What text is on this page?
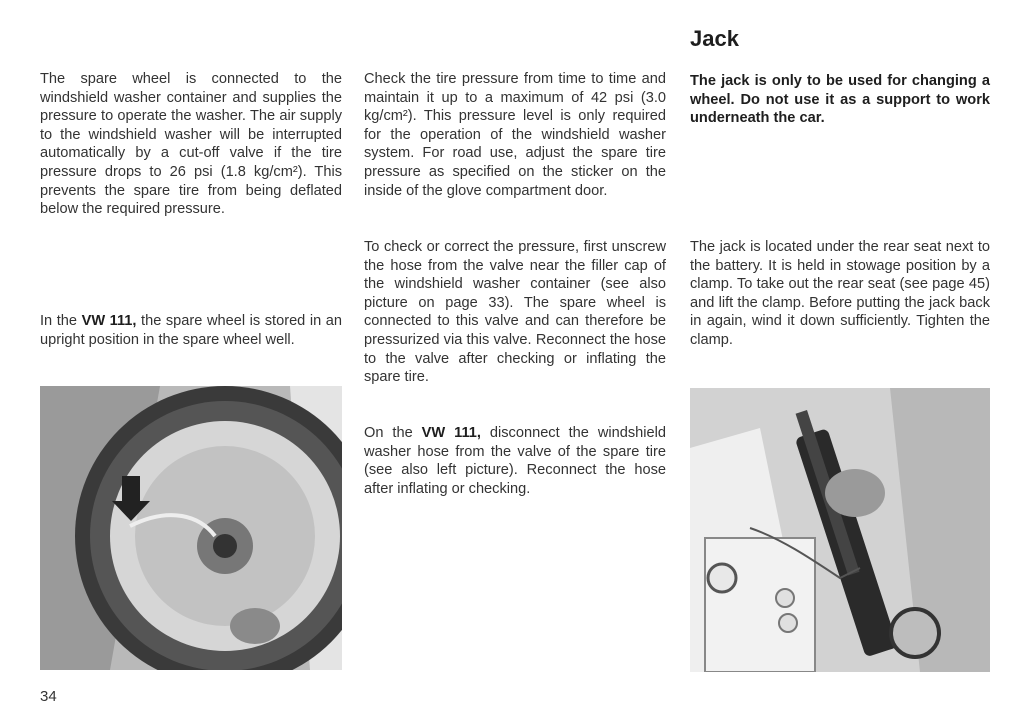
The spare wheel is connected to the windshield washer container and supplies the pressure to operate the washer. The air supply to the windshield washer will be interrupted automatically by a cut-off valve if the tire pressure drops to 26 psi (1.8 kg/cm²). This prevents the spare tire from being deflated below the required pressure.

In the VW 111, the spare wheel is stored in an upright position in the spare wheel well.

Check the tire pressure from time to time and maintain it up to a maximum of 42 psi (3.0 kg/cm²). This pressure level is only required for the operation of the windshield washer system. For road use, adjust the spare tire pressure as specified on the sticker on the inside of the glove compartment door.

To check or correct the pressure, first unscrew the hose from the valve near the filler cap of the windshield washer container (see also picture on page 33). The spare wheel is connected to this valve and can therefore be pressurized via this valve. Reconnect the hose to the valve after checking or inflating the spare tire.

On the VW 111, disconnect the windshield washer hose from the valve of the spare tire (see also left picture). Reconnect the hose after inflating or checking.

Jack

The jack is only to be used for changing a wheel. Do not use it as a support to work underneath the car.

The jack is located under the rear seat next to the battery. It is held in stowage position by a clamp. To take out the rear seat (see page 45) and lift the clamp. Before putting the jack back in again, wind it down sufficiently. Tighten the clamp.

34
